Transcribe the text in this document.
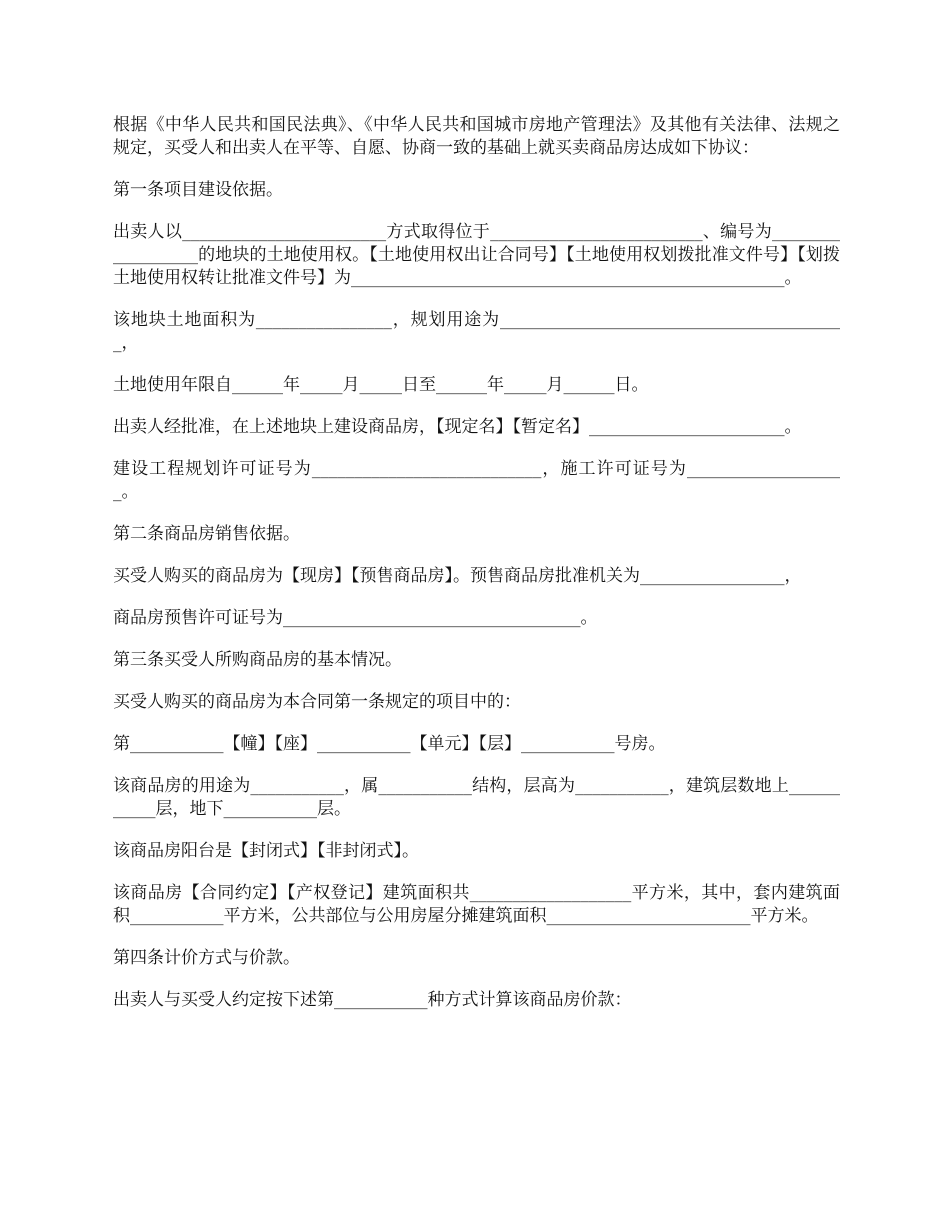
根据《中华人民共和国民法典》、《中华人民共和国城市房地产管理法》及其他有关法律、法规之规定，买受人和出卖人在平等、自愿、协商一致的基础上就买卖商品房达成如下协议：

第一条项目建设依据。

出卖人以________________________方式取得位于_________________________、编号为__________________的地块的土地使用权。【土地使用权出让合同号】【土地使用权划拨批准文件号】【划拨土地使用权转让批准文件号】为___________________________________________________。

该地块土地面积为________________，规划用途为_________________________________________，

土地使用年限自______年_____月_____日至______年_____月______日。

出卖人经批准，在上述地块上建设商品房，【现定名】【暂定名】_______________________。

建设工程规划许可证号为___________________________，施工许可证号为___________________。

第二条商品房销售依据。

买受人购买的商品房为【现房】【预售商品房】。预售商品房批准机关为_________________，

商品房预售许可证号为___________________________________。

第三条买受人所购商品房的基本情况。

买受人购买的商品房为本合同第一条规定的项目中的：

第___________【幢】【座】___________【单元】【层】___________号房。

该商品房的用途为___________，属___________结构，层高为___________，建筑层数地上___________层，地下___________层。

该商品房阳台是【封闭式】【非封闭式】。

该商品房【合同约定】【产权登记】建筑面积共___________________平方米，其中，套内建筑面积___________平方米，公共部位与公用房屋分摊建筑面积________________________平方米。

第四条计价方式与价款。

出卖人与买受人约定按下述第___________种方式计算该商品房价款：
